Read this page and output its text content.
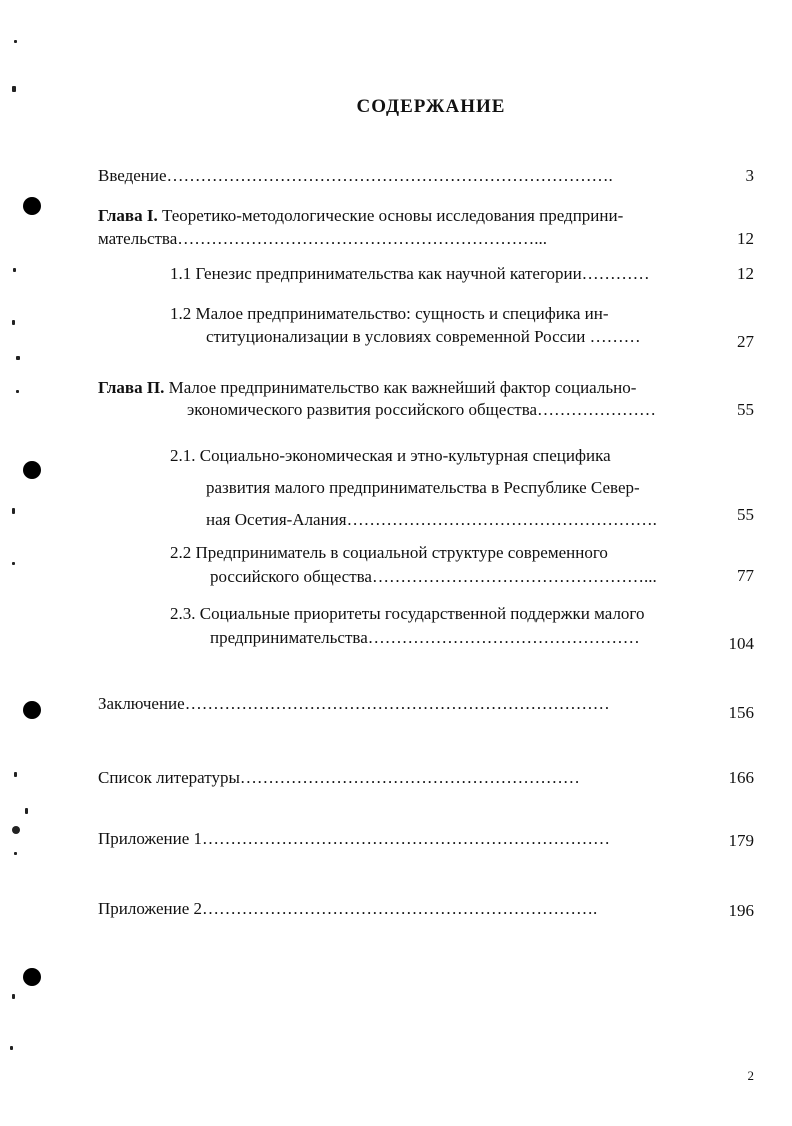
СОДЕРЖАНИЕ
Введение…………………………………………………………………….	3
Глава I. Теоретико-методологические основы исследования предприни-
мательства………………………………………………………...	12
1.1 Генезис предпринимательства как научной категории…………	12
1.2 Малое предпринимательство: сущность и специфика ин-
ституционализации в условиях современной России ………	27
Глава П. Малое предпринимательство как важнейший фактор социально-
экономического развития российского общества…………………	55
2.1. Социально-экономическая и этно-культурная специфика
развития малого предпринимательства в Республике Север-
ная Осетия-Алания……………………………………………….	55
2.2 Предприниматель в социальной структуре современного
российского общества…………………………………………...	77
2.3. Социальные приоритеты государственной поддержки малого
предпринимательства…………………………………………	104
Заключение…………………………………………………………………	156
Список литературы……………………………………………………	166
Приложение 1………………………………………………………………	179
Приложение 2…………………………………………………………….	196
2
